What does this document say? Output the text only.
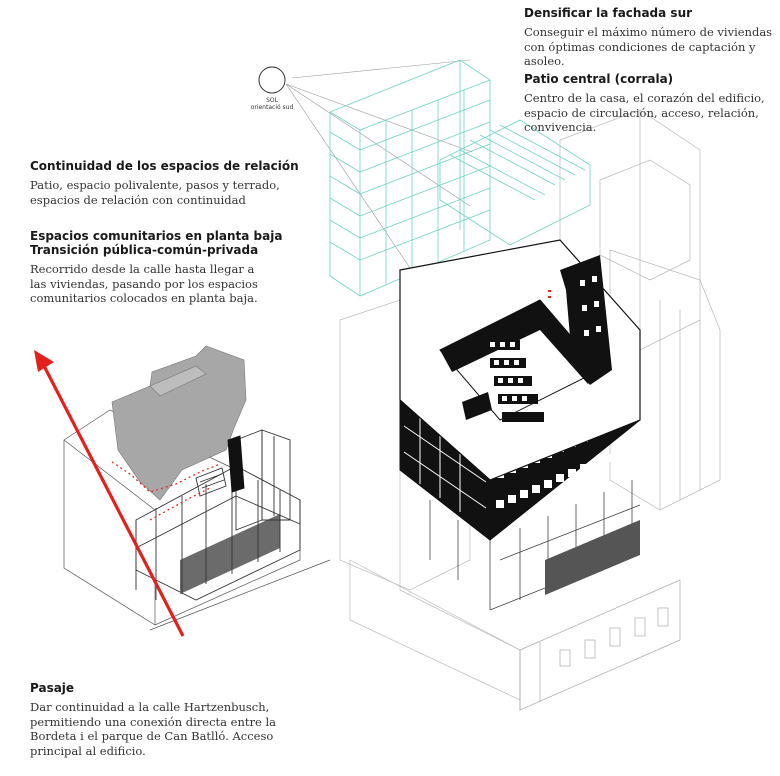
SOL
orientació sud
Densificar la fachada sur
Conseguir el máximo número de viviendas
con óptimas condiciones de captación y
asoleo.
Patio central (corrala)
Centro de la casa, el corazón del edificio,
espacio de circulación, acceso, relación,
convivencia.
Continuidad de los espacios de relación
Patio, espacio polivalente, pasos y terrado,
espacios de relación con continuidad
Espacios comunitarios en planta baja
Transición pública-común-privada
Recorrido desde la calle hasta llegar a
las viviendas, pasando por los espacios
comunitarios colocados en planta baja.
Pasaje
Dar continuidad a la calle Hartzenbusch,
permitiendo una conexión directa entre la
Bordeta i el parque de Can Batlló. Acceso
principal al edificio.
